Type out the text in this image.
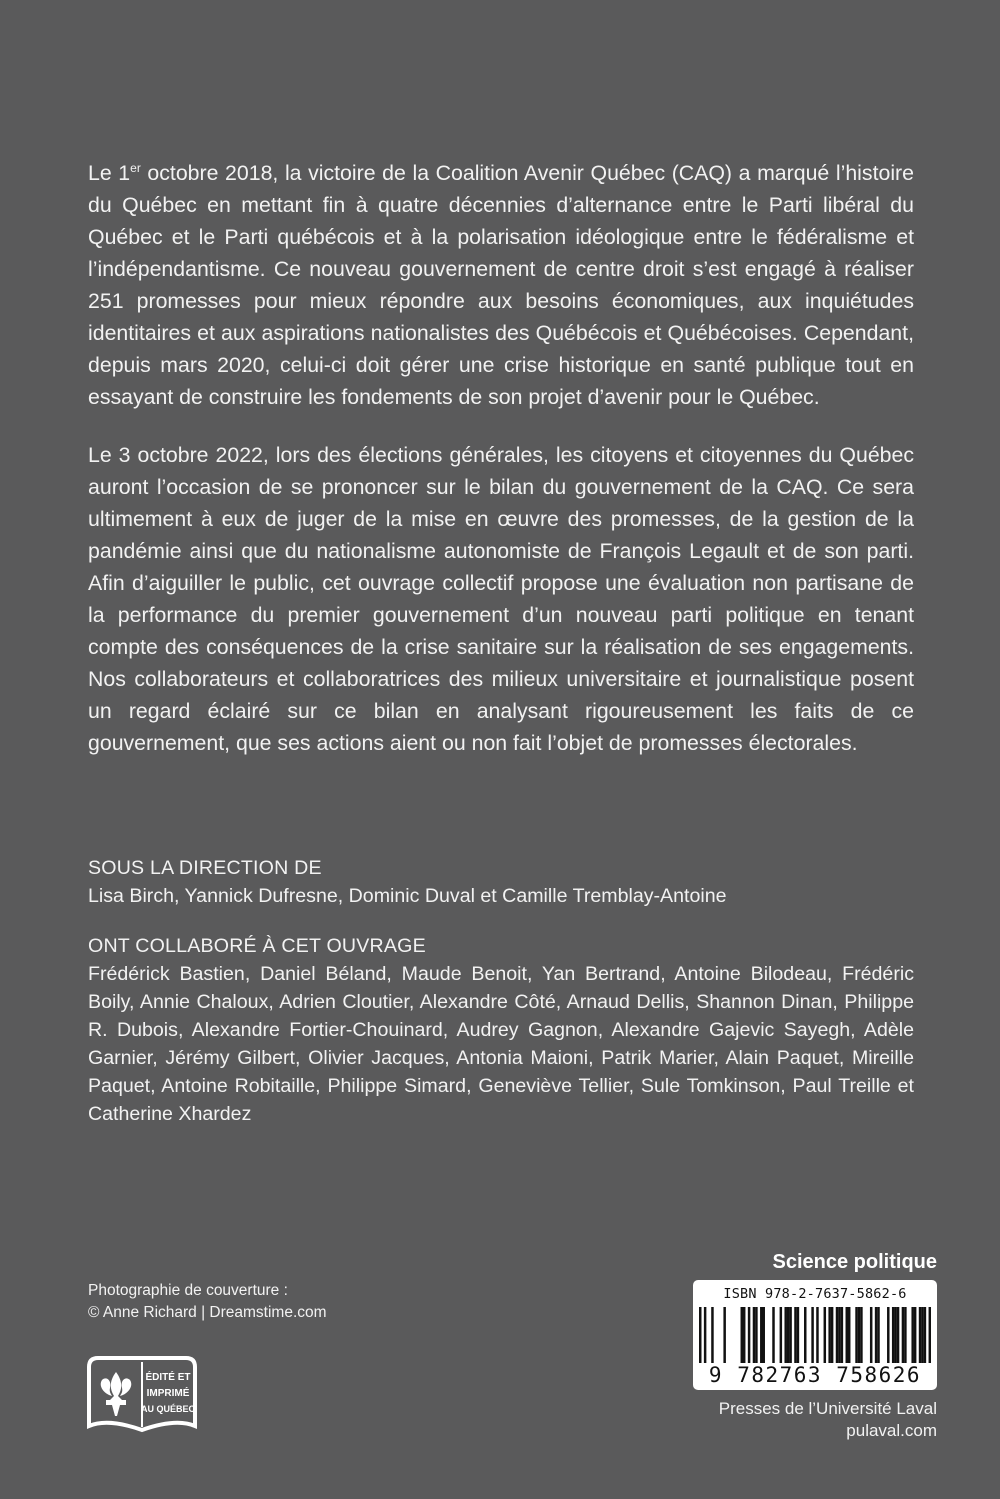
Le 1er octobre 2018, la victoire de la Coalition Avenir Québec (CAQ) a marqué l’histoire du Québec en mettant fin à quatre décennies d’alternance entre le Parti libéral du Québec et le Parti québécois et à la polarisation idéologique entre le fédéralisme et l’indépendantisme. Ce nouveau gouvernement de centre droit s’est engagé à réaliser 251 promesses pour mieux répondre aux besoins économiques, aux inquiétudes identitaires et aux aspirations nationalistes des Québécois et Québécoises. Cependant, depuis mars 2020, celui-ci doit gérer une crise historique en santé publique tout en essayant de construire les fondements de son projet d’avenir pour le Québec.

Le 3 octobre 2022, lors des élections générales, les citoyens et citoyennes du Québec auront l’occasion de se prononcer sur le bilan du gouvernement de la CAQ. Ce sera ultimement à eux de juger de la mise en œuvre des promesses, de la gestion de la pandémie ainsi que du nationalisme autonomiste de François Legault et de son parti. Afin d’aiguiller le public, cet ouvrage collectif propose une évaluation non partisane de la performance du premier gouvernement d’un nouveau parti politique en tenant compte des conséquences de la crise sanitaire sur la réalisation de ses engagements. Nos collaborateurs et collaboratrices des milieux universitaire et journalistique posent un regard éclairé sur ce bilan en analysant rigoureusement les faits de ce gouvernement, que ses actions aient ou non fait l’objet de promesses électorales.

SOUS LA DIRECTION DE
Lisa Birch, Yannick Dufresne, Dominic Duval et Camille Tremblay-Antoine
ONT COLLABORÉ À CET OUVRAGE
Frédérick Bastien, Daniel Béland, Maude Benoit, Yan Bertrand, Antoine Bilodeau, Frédéric Boily, Annie Chaloux, Adrien Cloutier, Alexandre Côté, Arnaud Dellis, Shannon Dinan, Philippe R. Dubois, Alexandre Fortier-Chouinard, Audrey Gagnon, Alexandre Gajevic Sayegh, Adèle Garnier, Jérémy Gilbert, Olivier Jacques, Antonia Maioni, Patrik Marier, Alain Paquet, Mireille Paquet, Antoine Robitaille, Philippe Simard, Geneviève Tellier, Sule Tomkinson, Paul Treille et Catherine Xhardez
Photographie de couverture :
© Anne Richard | Dreamstime.com
ÉDITÉ ET
IMPRIMÉ
AU QUÉBEC
Science politique
ISBN 978-2-7637-5862-6
9 782763 758626
Presses de l’Université Laval
pulaval.com
